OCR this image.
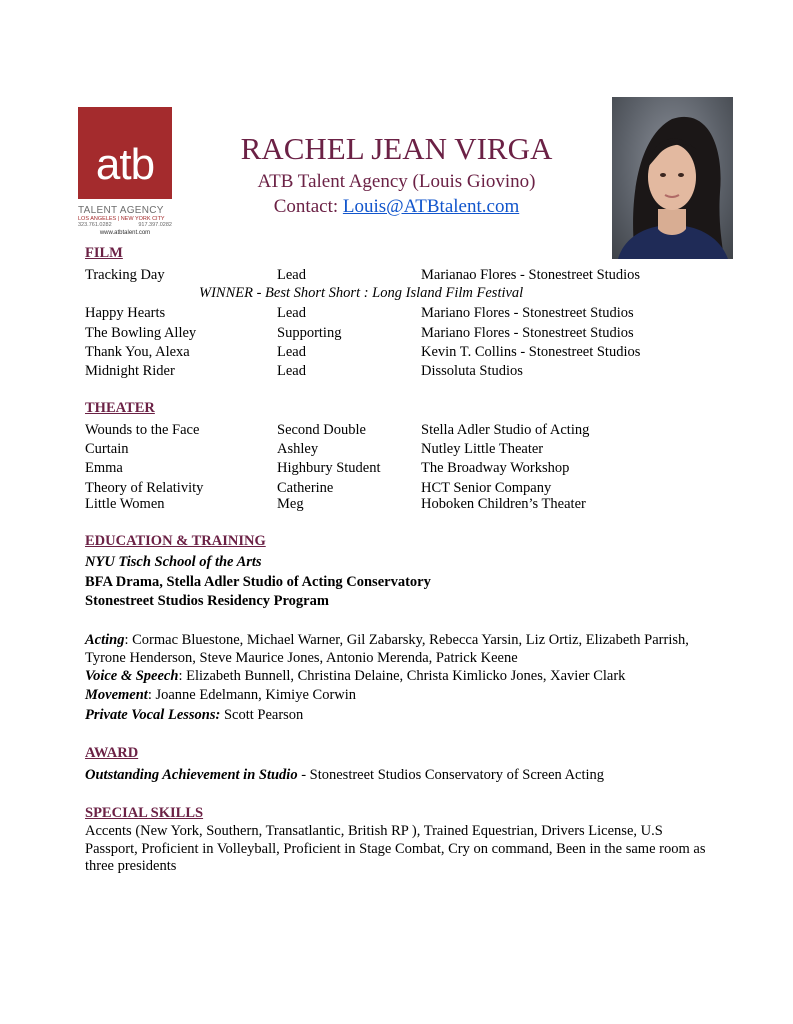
atb
TALENT AGENCY
LOS ANGELES | NEW YORK CITY
323.761.0282	917.397.0282
www.atbtalent.com
RACHEL JEAN VIRGA
ATB Talent Agency (Louis Giovino)
Contact: Louis@ATBtalent.com
FILM
Tracking Day	Lead	Marianao Flores - Stonestreet Studios
WINNER - Best Short Short : Long Island Film Festival
Happy Hearts	Lead	Mariano Flores - Stonestreet Studios
The Bowling Alley	Supporting	Mariano Flores - Stonestreet Studios
Thank You, Alexa	Lead	Kevin T. Collins - Stonestreet Studios
Midnight Rider	Lead	Dissoluta Studios
THEATER
Wounds to the Face	Second Double	Stella Adler Studio of Acting
Curtain	Ashley	Nutley Little Theater
Emma	Highbury Student	The Broadway Workshop
Theory of Relativity	Catherine	HCT Senior Company
Little Women	Meg	Hoboken Children’s Theater
EDUCATION & TRAINING
NYU Tisch School of the Arts
BFA Drama, Stella Adler Studio of Acting Conservatory
Stonestreet Studios Residency Program
Acting: Cormac Bluestone, Michael Warner, Gil Zabarsky, Rebecca Yarsin, Liz Ortiz, Elizabeth Parrish, Tyrone Henderson, Steve Maurice Jones, Antonio Merenda, Patrick Keene
Voice & Speech: Elizabeth Bunnell, Christina Delaine, Christa Kimlicko Jones, Xavier Clark
Movement: Joanne Edelmann, Kimiye Corwin
Private Vocal Lessons: Scott Pearson
AWARD
Outstanding Achievement in Studio - Stonestreet Studios Conservatory of Screen Acting
SPECIAL SKILLS
Accents (New York, Southern, Transatlantic, British RP ), Trained Equestrian, Drivers License, U.S Passport, Proficient in Volleyball, Proficient in Stage Combat, Cry on command, Been in the same room as three presidents
